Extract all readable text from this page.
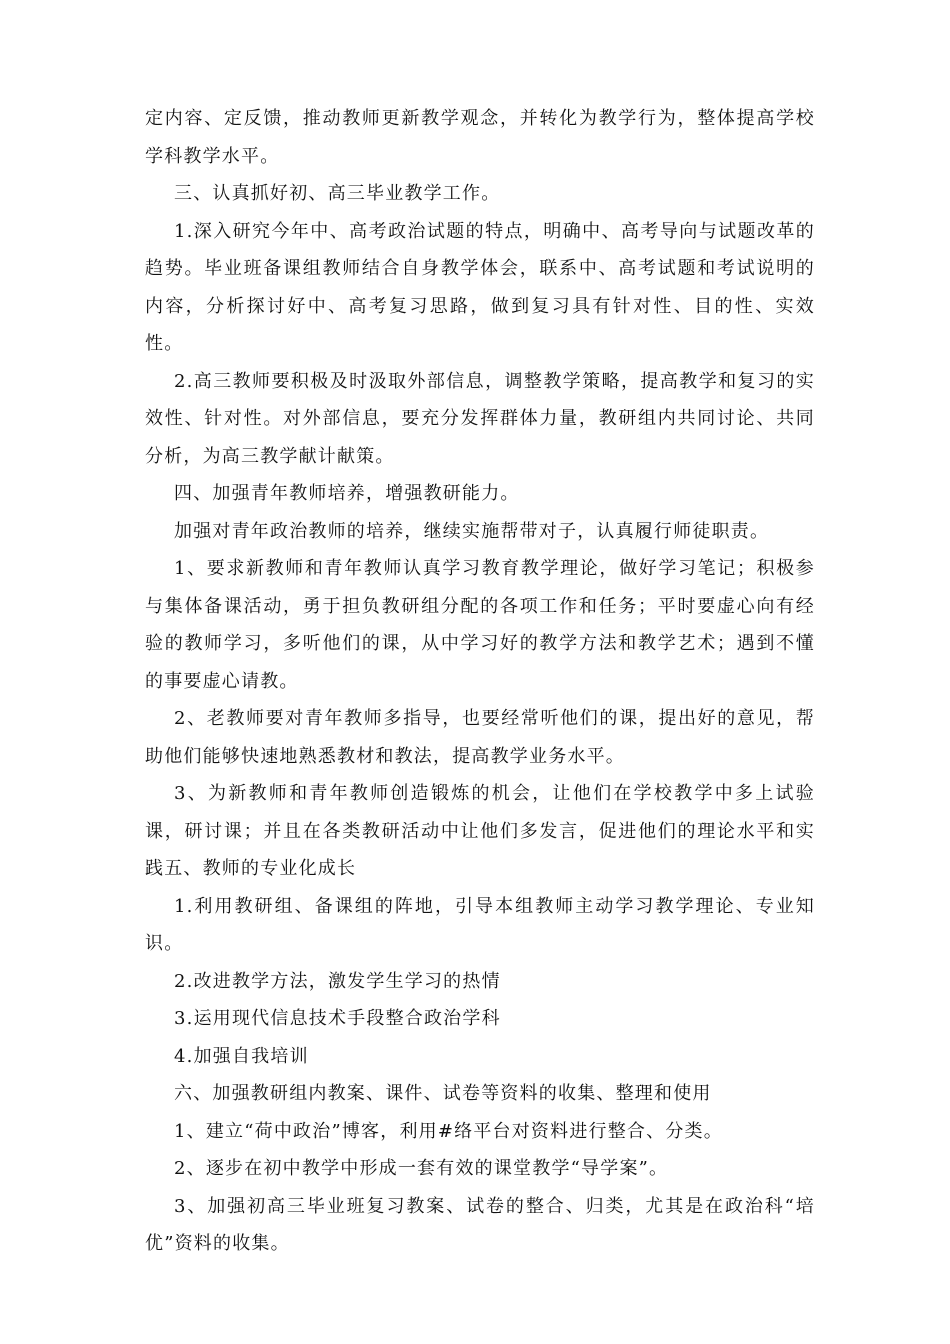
定内容、定反馈，推动教师更新教学观念，并转化为教学行为，整体提高学校学科教学水平。

三、认真抓好初、高三毕业教学工作。

1.深入研究今年中、高考政治试题的特点，明确中、高考导向与试题改革的趋势。毕业班备课组教师结合自身教学体会，联系中、高考试题和考试说明的内容，分析探讨好中、高考复习思路，做到复习具有针对性、目的性、实效性。

2.高三教师要积极及时汲取外部信息，调整教学策略，提高教学和复习的实效性、针对性。对外部信息，要充分发挥群体力量，教研组内共同讨论、共同分析，为高三教学献计献策。

四、加强青年教师培养，增强教研能力。

加强对青年政治教师的培养，继续实施帮带对子，认真履行师徒职责。

1、要求新教师和青年教师认真学习教育教学理论，做好学习笔记；积极参与集体备课活动，勇于担负教研组分配的各项工作和任务；平时要虚心向有经验的教师学习，多听他们的课，从中学习好的教学方法和教学艺术；遇到不懂的事要虚心请教。

2、老教师要对青年教师多指导，也要经常听他们的课，提出好的意见，帮助他们能够快速地熟悉教材和教法，提高教学业务水平。

3、为新教师和青年教师创造锻炼的机会，让他们在学校教学中多上试验课，研讨课；并且在各类教研活动中让他们多发言，促进他们的理论水平和实践五、教师的专业化成长

1.利用教研组、备课组的阵地，引导本组教师主动学习教学理论、专业知识。

2.改进教学方法，激发学生学习的热情

3.运用现代信息技术手段整合政治学科

4.加强自我培训

六、加强教研组内教案、课件、试卷等资料的收集、整理和使用

1、建立“荷中政治”博客，利用#络平台对资料进行整合、分类。

2、逐步在初中教学中形成一套有效的课堂教学“导学案”。

3、加强初高三毕业班复习教案、试卷的整合、归类，尤其是在政治科“培优”资料的收集。
